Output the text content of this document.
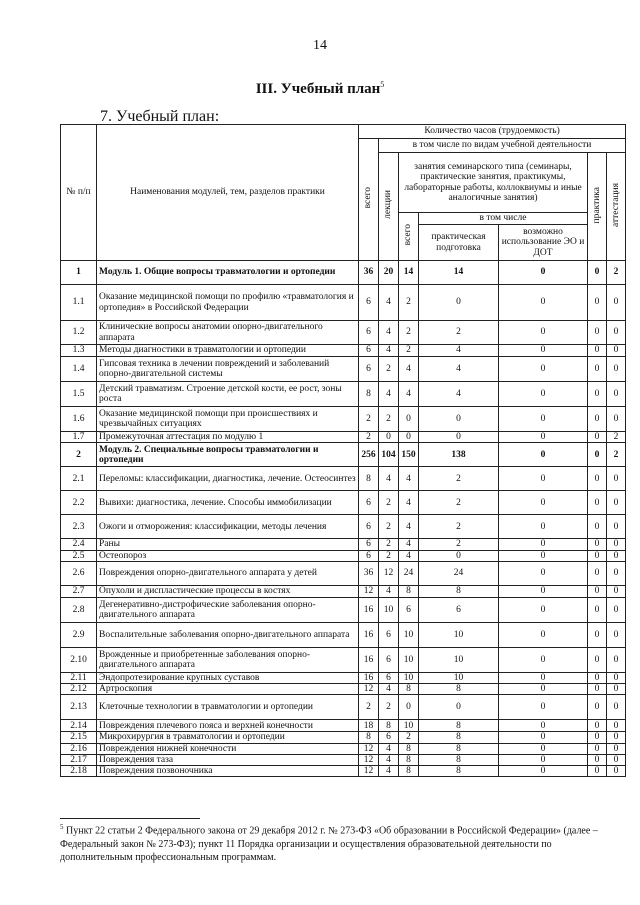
14
III. Учебный план$^5$
7. Учебный план:
№ п/п	Наименования модулей, тем, разделов практики	Количество часов (трудоемкость)						
		всего	в том числе по видам учебной деятельности					
			лекции	занятия семинарского типа (семинары, практические занятия, практикумы, лабораторные работы, коллоквиумы и иные аналогичные занятия)			практика	аттестация
				всего	в том числе			
					практическая подготовка	возможно использование ЭО и ДОТ		
1	Модуль 1. Общие вопросы травматологии и ортопедии	36	20	14	14	0	0	2
1.1	Оказание медицинской помощи по профилю «травматология и ортопедия» в Российской Федерации	6	4	2	0	0	0	0
1.2	Клинические вопросы анатомии опорно-двигательного аппарата	6	4	2	2	0	0	0
1.3	Методы диагностики в травматологии и ортопедии	6	4	2	4	0	0	0
1.4	Гипсовая техника в лечении повреждений и заболеваний опорно-двигательной системы	6	2	4	4	0	0	0
1.5	Детский травматизм. Строение детской кости, ее рост, зоны роста	8	4	4	4	0	0	0
1.6	Оказание медицинской помощи при происшествиях и чрезвычайных ситуациях	2	2	0	0	0	0	0
1.7	Промежуточная аттестация по модулю 1	2	0	0	0	0	0	2
2	Модуль 2. Специальные вопросы травматологии и ортопедии	256	104	150	138	0	0	2
2.1	Переломы: классификации, диагностика, лечение. Остеосинтез	8	4	4	2	0	0	0
2.2	Вывихи: диагностика, лечение. Способы иммобилизации	6	2	4	2	0	0	0
2.3	Ожоги и отморожения: классификации, методы лечения	6	2	4	2	0	0	0
2.4	Раны	6	2	4	2	0	0	0
2.5	Остеопороз	6	2	4	0	0	0	0
2.6	Повреждения опорно-двигательного аппарата у детей	36	12	24	24	0	0	0
2.7	Опухоли и диспластические процессы в костях	12	4	8	8	0	0	0
2.8	Дегенеративно-дистрофические заболевания опорно-двигательного аппарата	16	10	6	6	0	0	0
2.9	Воспалительные заболевания опорно-двигательного аппарата	16	6	10	10	0	0	0
2.10	Врожденные и приобретенные заболевания опорно-двигательного аппарата	16	6	10	10	0	0	0
2.11	Эндопротезирование крупных суставов	16	6	10	10	0	0	0
2.12	Артроскопия	12	4	8	8	0	0	0
2.13	Клеточные технологии в травматологии и ортопедии	2	2	0	0	0	0	0
2.14	Повреждения плечевого пояса и верхней конечности	18	8	10	8	0	0	0
2.15	Микрохирургия в травматологии и ортопедии	8	6	2	8	0	0	0
2.16	Повреждения нижней конечности	12	4	8	8	0	0	0
2.17	Повреждения таза	12	4	8	8	0	0	0
2.18	Повреждения позвоночника	12	4	8	8	0	0	0
$^5$ Пункт 22 статьи 2 Федерального закона от 29 декабря 2012 г. № 273-ФЗ «Об образовании в Российской Федерации» (далее – Федеральный закон № 273-ФЗ); пункт 11 Порядка организации и осуществления образовательной деятельности по дополнительным профессиональным программам.
